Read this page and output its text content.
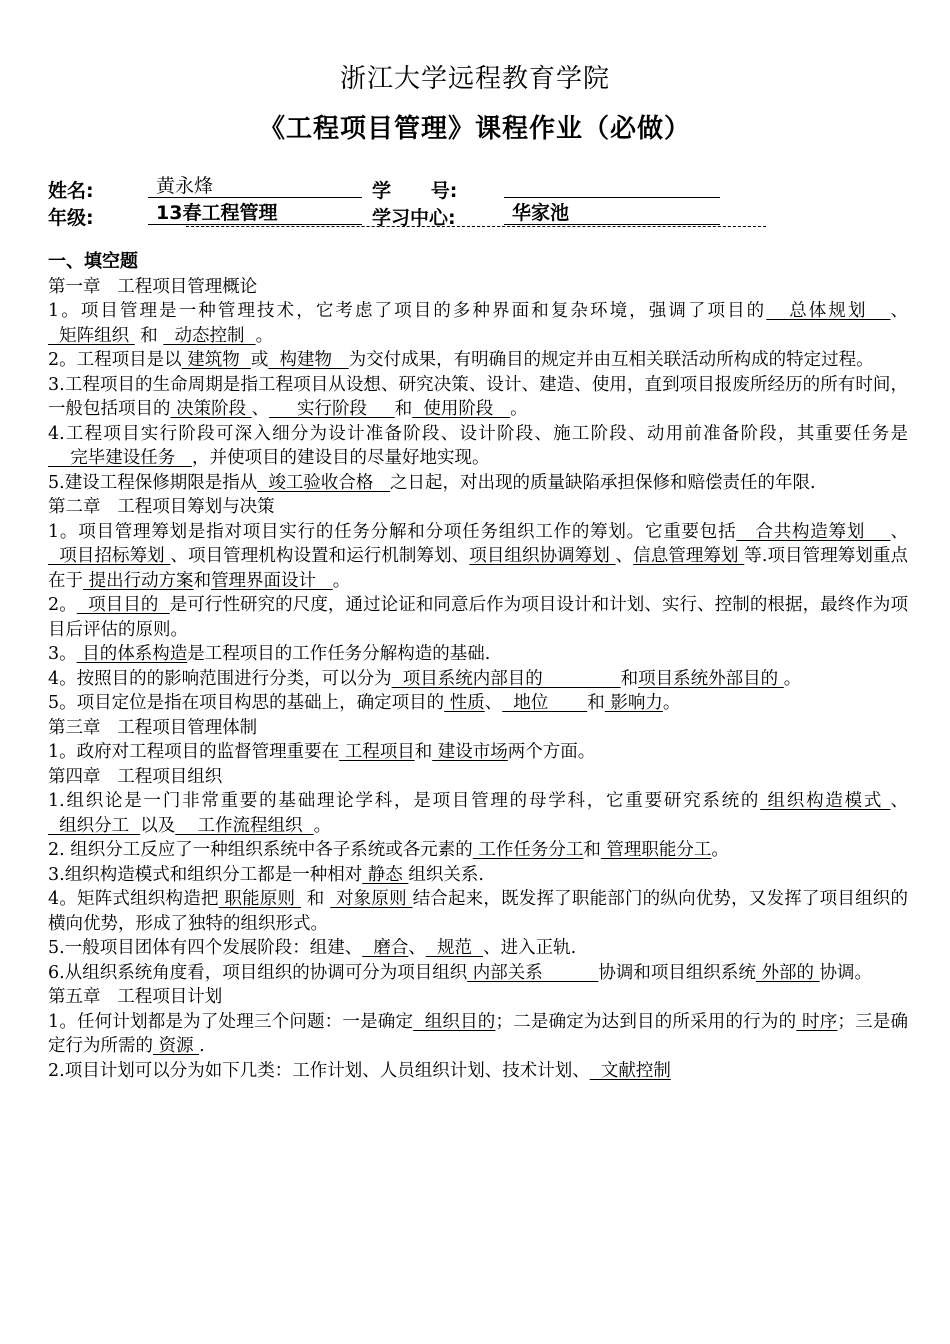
浙江大学远程教育学院
《工程项目管理》课程作业（必做）
姓名:	黄永烽	学      号:
年级:	13春工程管理	学习中心:	华家池

一、填空题

第一章   工程项目管理概论

1。项目管理是一种管理技术，它考虑了项目的多种界面和复杂环境，强调了项目的   总体规划   、  矩阵组织  和   动态控制  。

2。工程项目是以 建筑物  或  构建物   为交付成果，有明确目的规定并由互相关联活动所构成的特定过程。

3.工程项目的生命周期是指工程项目从设想、研究决策、设计、建造、使用，直到项目报废所经历的所有时间，一般包括项目的 决策阶段 、     实行阶段     和  使用阶段   。

4.工程项目实行阶段可深入细分为设计准备阶段、设计阶段、施工阶段、动用前准备阶段，其重要任务是    完毕建设任务   ，并使项目的建设目的尽量好地实现。

5.建设工程保修期限是指从  竣工验收合格   之日起，对出现的质量缺陷承担保修和赔偿责任的年限.

第二章   工程项目筹划与决策

1。项目管理筹划是指对项目实行的任务分解和分项任务组织工作的筹划。它重要包括   合共构造筹划    、  项目招标筹划 、项目管理机构设置和运行机制筹划、项目组织协调筹划 、信息管理筹划 等.项目管理筹划重点在于 提出行动方案和管理界面设计   。

2。  项目目的  是可行性研究的尺度，通过论证和同意后作为项目设计和计划、实行、控制的根据，最终作为项目后评估的原则。

3。 目的体系构造是工程项目的工作任务分解构造的基础.

4。按照目的的影响范围进行分类，可以分为  项目系统内部目的              和项目系统外部目的 。

5。项目定位是指在项目构思的基础上，确定项目的 性质、  地位       和 影响力。

第三章   工程项目管理体制

1。政府对工程项目的监督管理重要在 工程项目和 建设市场两个方面。

第四章   工程项目组织

1.组织论是一门非常重要的基础理论学科，是项目管理的母学科，它重要研究系统的 组织构造模式 、  组织分工  以及    工作流程组织  。

2. 组织分工反应了一种组织系统中各子系统或各元素的 工作任务分工和 管理职能分工。

3.组织构造模式和组织分工都是一种相对 静态 组织关系.

4。矩阵式组织构造把 职能原则  和  对象原则 结合起来，既发挥了职能部门的纵向优势，又发挥了项目组织的横向优势，形成了独特的组织形式。

5.一般项目团体有四个发展阶段：组建、  磨合、  规范  、进入正轨.

6.从组织系统角度看，项目组织的协调可分为项目组织 内部关系          协调和项目组织系统 外部的 协调。

第五章   工程项目计划

1。任何计划都是为了处理三个问题：一是确定  组织目的；二是确定为达到目的所采用的行为的 时序；三是确定行为所需的 资源 .

2.项目计划可以分为如下几类：工作计划、人员组织计划、技术计划、  文献控制
